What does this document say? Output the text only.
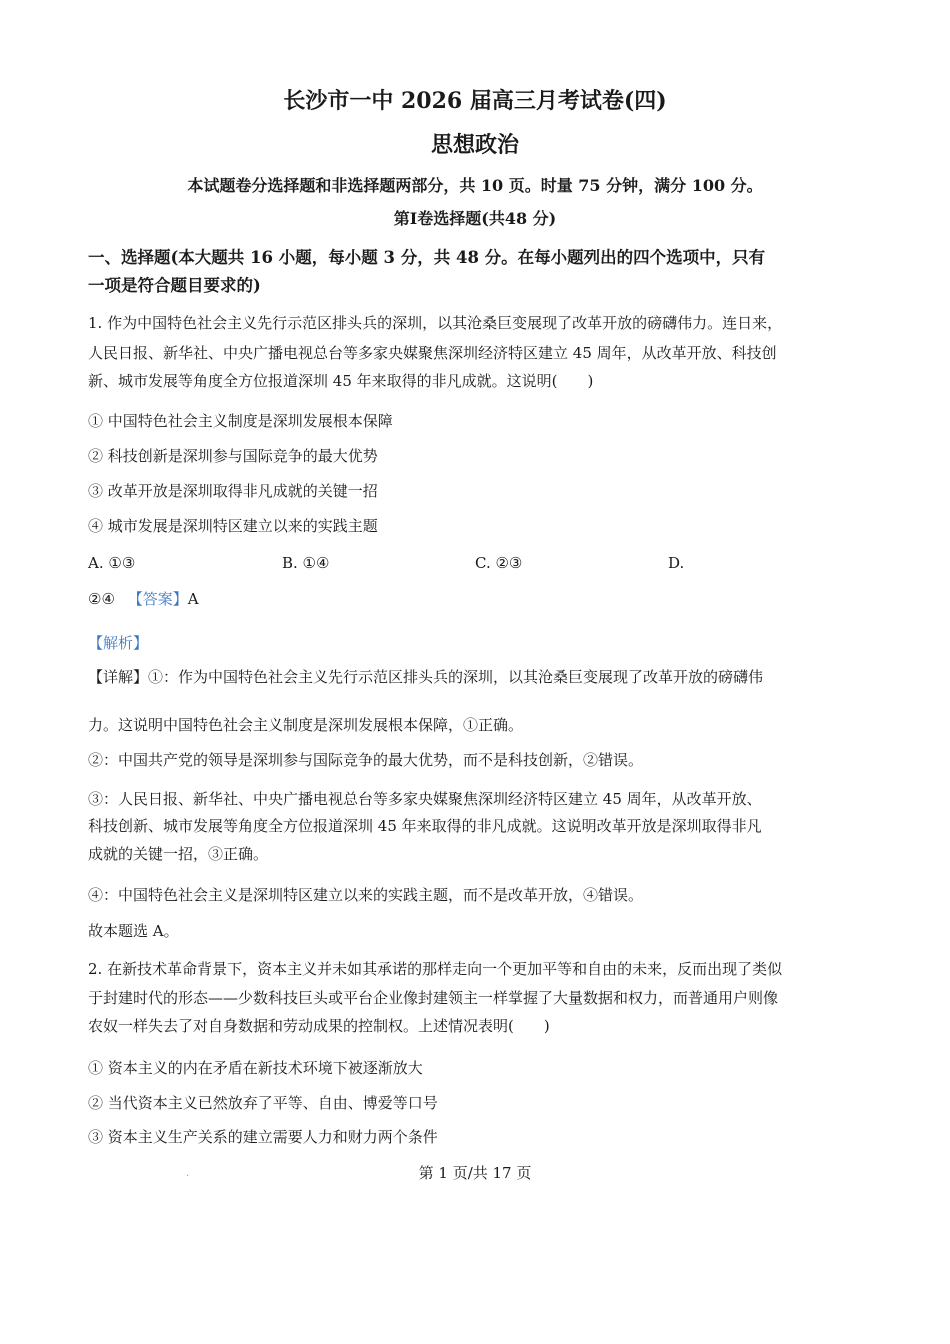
长沙市一中 2026 届高三月考试卷(四)
思想政治
本试题卷分选择题和非选择题两部分，共 10 页。时量 75 分钟，满分 100 分。
第Ⅰ卷选择题(共48 分)
一、选择题(本大题共 16 小题，每小题 3 分，共 48 分。在每小题列出的四个选项中，只有
一项是符合题目要求的)
1. 作为中国特色社会主义先行示范区排头兵的深圳，以其沧桑巨变展现了改革开放的磅礴伟力。连日来，
人民日报、新华社、中央广播电视总台等多家央媒聚焦深圳经济特区建立 45 周年，从改革开放、科技创
新、城市发展等角度全方位报道深圳 45 年来取得的非凡成就。这说明(　　)
① 中国特色社会主义制度是深圳发展根本保障
② 科技创新是深圳参与国际竞争的最大优势
③ 改革开放是深圳取得非凡成就的关键一招
④ 城市发展是深圳特区建立以来的实践主题
A. ①③	B. ①④	C. ②③	D.
②④ 【答案】A
【解析】
【详解】①：作为中国特色社会主义先行示范区排头兵的深圳，以其沧桑巨变展现了改革开放的磅礴伟
力。这说明中国特色社会主义制度是深圳发展根本保障，①正确。
②：中国共产党的领导是深圳参与国际竞争的最大优势，而不是科技创新，②错误。
③：人民日报、新华社、中央广播电视总台等多家央媒聚焦深圳经济特区建立 45 周年，从改革开放、
科技创新、城市发展等角度全方位报道深圳 45 年来取得的非凡成就。这说明改革开放是深圳取得非凡
成就的关键一招，③正确。
④：中国特色社会主义是深圳特区建立以来的实践主题，而不是改革开放，④错误。
故本题选 A。
2. 在新技术革命背景下，资本主义并未如其承诺的那样走向一个更加平等和自由的未来，反而出现了类似
于封建时代的形态——少数科技巨头或平台企业像封建领主一样掌握了大量数据和权力，而普通用户则像
农奴一样失去了对自身数据和劳动成果的控制权。上述情况表明(　　)
① 资本主义的内在矛盾在新技术环境下被逐渐放大
② 当代资本主义已然放弃了平等、自由、博爱等口号
③ 资本主义生产关系的建立需要人力和财力两个条件
.	第 1 页/共 17 页
